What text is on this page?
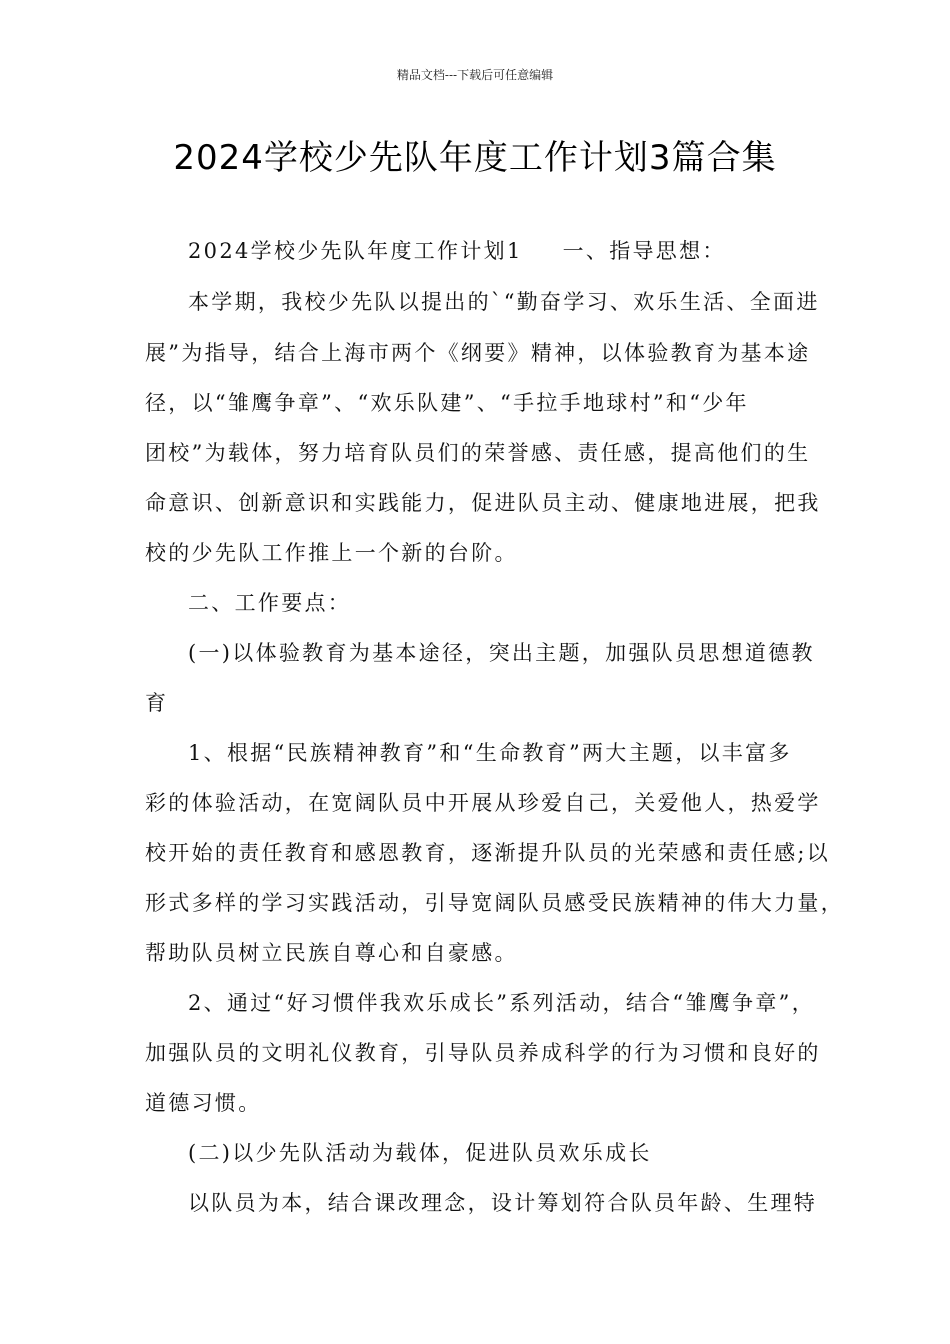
精品文档---下载后可任意编辑
2024学校少先队年度工作计划3篇合集
2024学校少先队年度工作计划1 一、指导思想：
本学期，我校少先队以提出的`“勤奋学习、欢乐生活、全面进
展”为指导，结合上海市两个《纲要》精神，以体验教育为基本途
径，以“雏鹰争章”、“欢乐队建”、“手拉手地球村”和“少年
团校”为载体，努力培育队员们的荣誉感、责任感，提高他们的生
命意识、创新意识和实践能力，促进队员主动、健康地进展，把我
校的少先队工作推上一个新的台阶。
二、工作要点：
(一)以体验教育为基本途径，突出主题，加强队员思想道德教
育
1、根据“民族精神教育”和“生命教育”两大主题，以丰富多
彩的体验活动，在宽阔队员中开展从珍爱自己，关爱他人，热爱学
校开始的责任教育和感恩教育，逐渐提升队员的光荣感和责任感;以
形式多样的学习实践活动，引导宽阔队员感受民族精神的伟大力量，
帮助队员树立民族自尊心和自豪感。
2、通过“好习惯伴我欢乐成长”系列活动，结合“雏鹰争章”，
加强队员的文明礼仪教育，引导队员养成科学的行为习惯和良好的
道德习惯。
(二)以少先队活动为载体，促进队员欢乐成长
以队员为本，结合课改理念，设计筹划符合队员年龄、生理特
